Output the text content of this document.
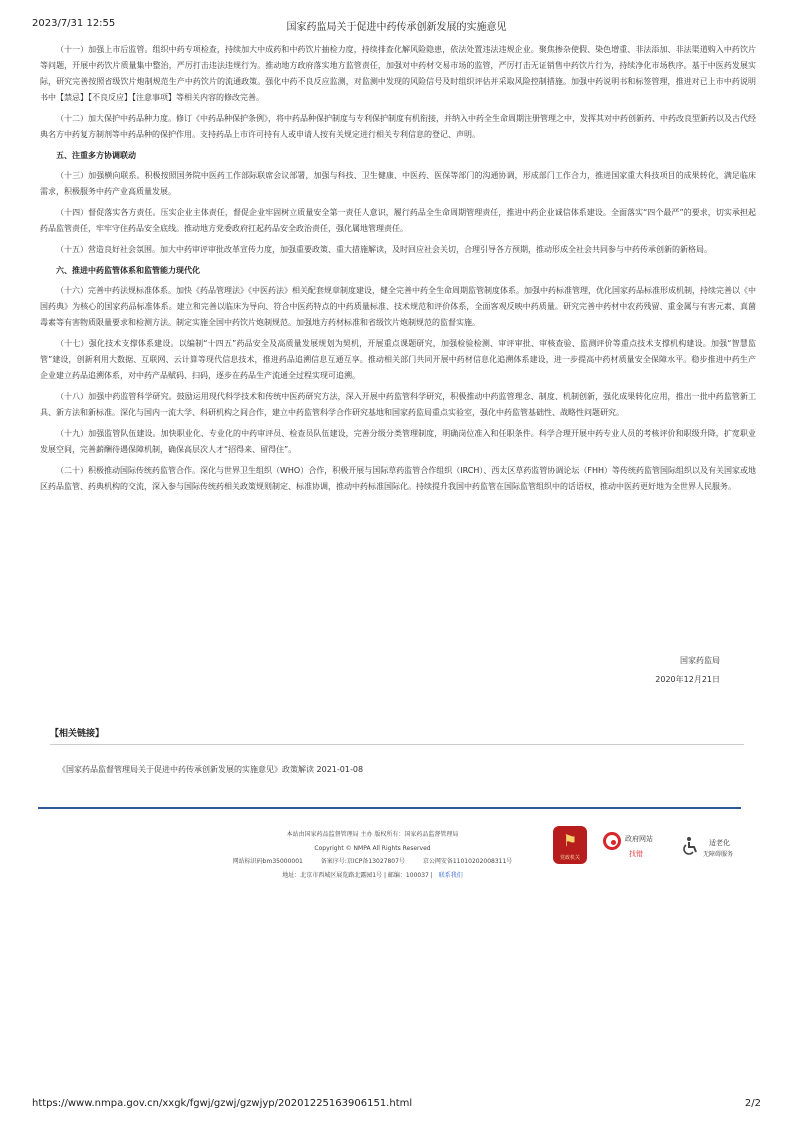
2023/7/31 12:55	国家药监局关于促进中药传承创新发展的实施意见

（十一）加强上市后监管。组织中药专项检查，持续加大中成药和中药饮片抽检力度，持续排查化解风险隐患，依法处置违法违规企业。聚焦掺杂使假、染色增重、非法添加、非法渠道购入中药饮片等问题，开展中药饮片质量集中整治，严厉打击违法违规行为。推动地方政府落实地方监管责任，加强对中药材交易市场的监管，严厉打击无证销售中药饮片行为，持续净化市场秩序。基于中医药发展实际，研究完善按照省级饮片炮制规范生产中药饮片的流通政策。强化中药不良反应监测，对监测中发现的风险信号及时组织评估并采取风险控制措施。加强中药说明书和标签管理，推进对已上市中药说明书中【禁忌】【不良反应】【注意事项】等相关内容的修改完善。

（十二）加大保护中药品种力度。修订《中药品种保护条例》，将中药品种保护制度与专利保护制度有机衔接，并纳入中药全生命周期注册管理之中，发挥其对中药创新药、中药改良型新药以及古代经典名方中药复方制剂等中药品种的保护作用。支持药品上市许可持有人或申请人按有关规定进行相关专利信息的登记、声明。

五、注重多方协调联动

（十三）加强横向联系。积极按照国务院中医药工作部际联席会议部署，加强与科技、卫生健康、中医药、医保等部门的沟通协调，形成部门工作合力，推进国家重大科技项目的成果转化，满足临床需求，积极服务中药产业高质量发展。

（十四）督促落实各方责任。压实企业主体责任，督促企业牢固树立质量安全第一责任人意识，履行药品全生命周期管理责任，推进中药企业诚信体系建设。全面落实“四个最严”的要求，切实承担起药品监管责任，牢牢守住药品安全底线。推动地方党委政府扛起药品安全政治责任，强化属地管理责任。

（十五）营造良好社会氛围。加大中药审评审批改革宣传力度，加强重要政策、重大措施解读，及时回应社会关切，合理引导各方预期，推动形成全社会共同参与中药传承创新的新格局。

六、推进中药监管体系和监管能力现代化

（十六）完善中药法规标准体系。加快《药品管理法》《中医药法》相关配套规章制度建设，健全完善中药全生命周期监管制度体系。加强中药标准管理，优化国家药品标准形成机制，持续完善以《中国药典》为核心的国家药品标准体系。建立和完善以临床为导向、符合中医药特点的中药质量标准、技术规范和评价体系，全面客观反映中药质量。研究完善中药材中农药残留、重金属与有害元素、真菌毒素等有害物质限量要求和检测方法。制定实施全国中药饮片炮制规范。加强地方药材标准和省级饮片炮制规范的监督实施。

（十七）强化技术支撑体系建设。以编制“十四五”药品安全及高质量发展规划为契机，开展重点课题研究，加强检验检测、审评审批、审核查验、监测评价等重点技术支撑机构建设。加强“智慧监管”建设，创新利用大数据、互联网、云计算等现代信息技术，推进药品追溯信息互通互享。推动相关部门共同开展中药材信息化追溯体系建设，进一步提高中药材质量安全保障水平。稳步推进中药生产企业建立药品追溯体系，对中药产品赋码、扫码，逐步在药品生产流通全过程实现可追溯。

（十八）加强中药监管科学研究。鼓励运用现代科学技术和传统中医药研究方法，深入开展中药监管科学研究，积极推动中药监管理念、制度、机制创新，强化成果转化应用，推出一批中药监管新工具、新方法和新标准。深化与国内一流大学、科研机构之间合作，建立中药监管科学合作研究基地和国家药监局重点实验室，强化中药监管基础性、战略性问题研究。

（十九）加强监管队伍建设。加快职业化、专业化的中药审评员、检查员队伍建设，完善分级分类管理制度，明确岗位准入和任职条件。科学合理开展中药专业人员的考核评价和职级升降，扩宽职业发展空间，完善薪酬待遇保障机制，确保高层次人才“招得来、留得住”。

（二十）积极推动国际传统药监管合作。深化与世界卫生组织（WHO）合作，积极开展与国际草药监管合作组织（IRCH）、西太区草药监管协调论坛（FHH）等传统药监管国际组织以及有关国家或地区药品监管、药典机构的交流，深入参与国际传统药相关政策规则制定、标准协调，推动中药标准国际化。持续提升我国中药监管在国际监管组织中的话语权，推动中医药更好地为全世界人民服务。

国家药监局
2020年12月21日
【相关链接】
《国家药品监督管理局关于促进中药传承创新发展的实施意见》政策解读 2021-01-08
本站由国家药品监督管理局 主办 版权所有：国家药品监督管理局
Copyright © NMPA All Rights Reserved
网站标识码bm35000001	备案序号:京ICP备13027807号	京公网安备11010202008311号
地址：北京市西城区展览路北露园1号 | 邮编：100037 | 联系我们
⚑
党政机关
政府网站
找错
适老化
无障碍服务
https://www.nmpa.gov.cn/xxgk/fgwj/gzwj/gzwjyp/20201225163906151.html	2/2
